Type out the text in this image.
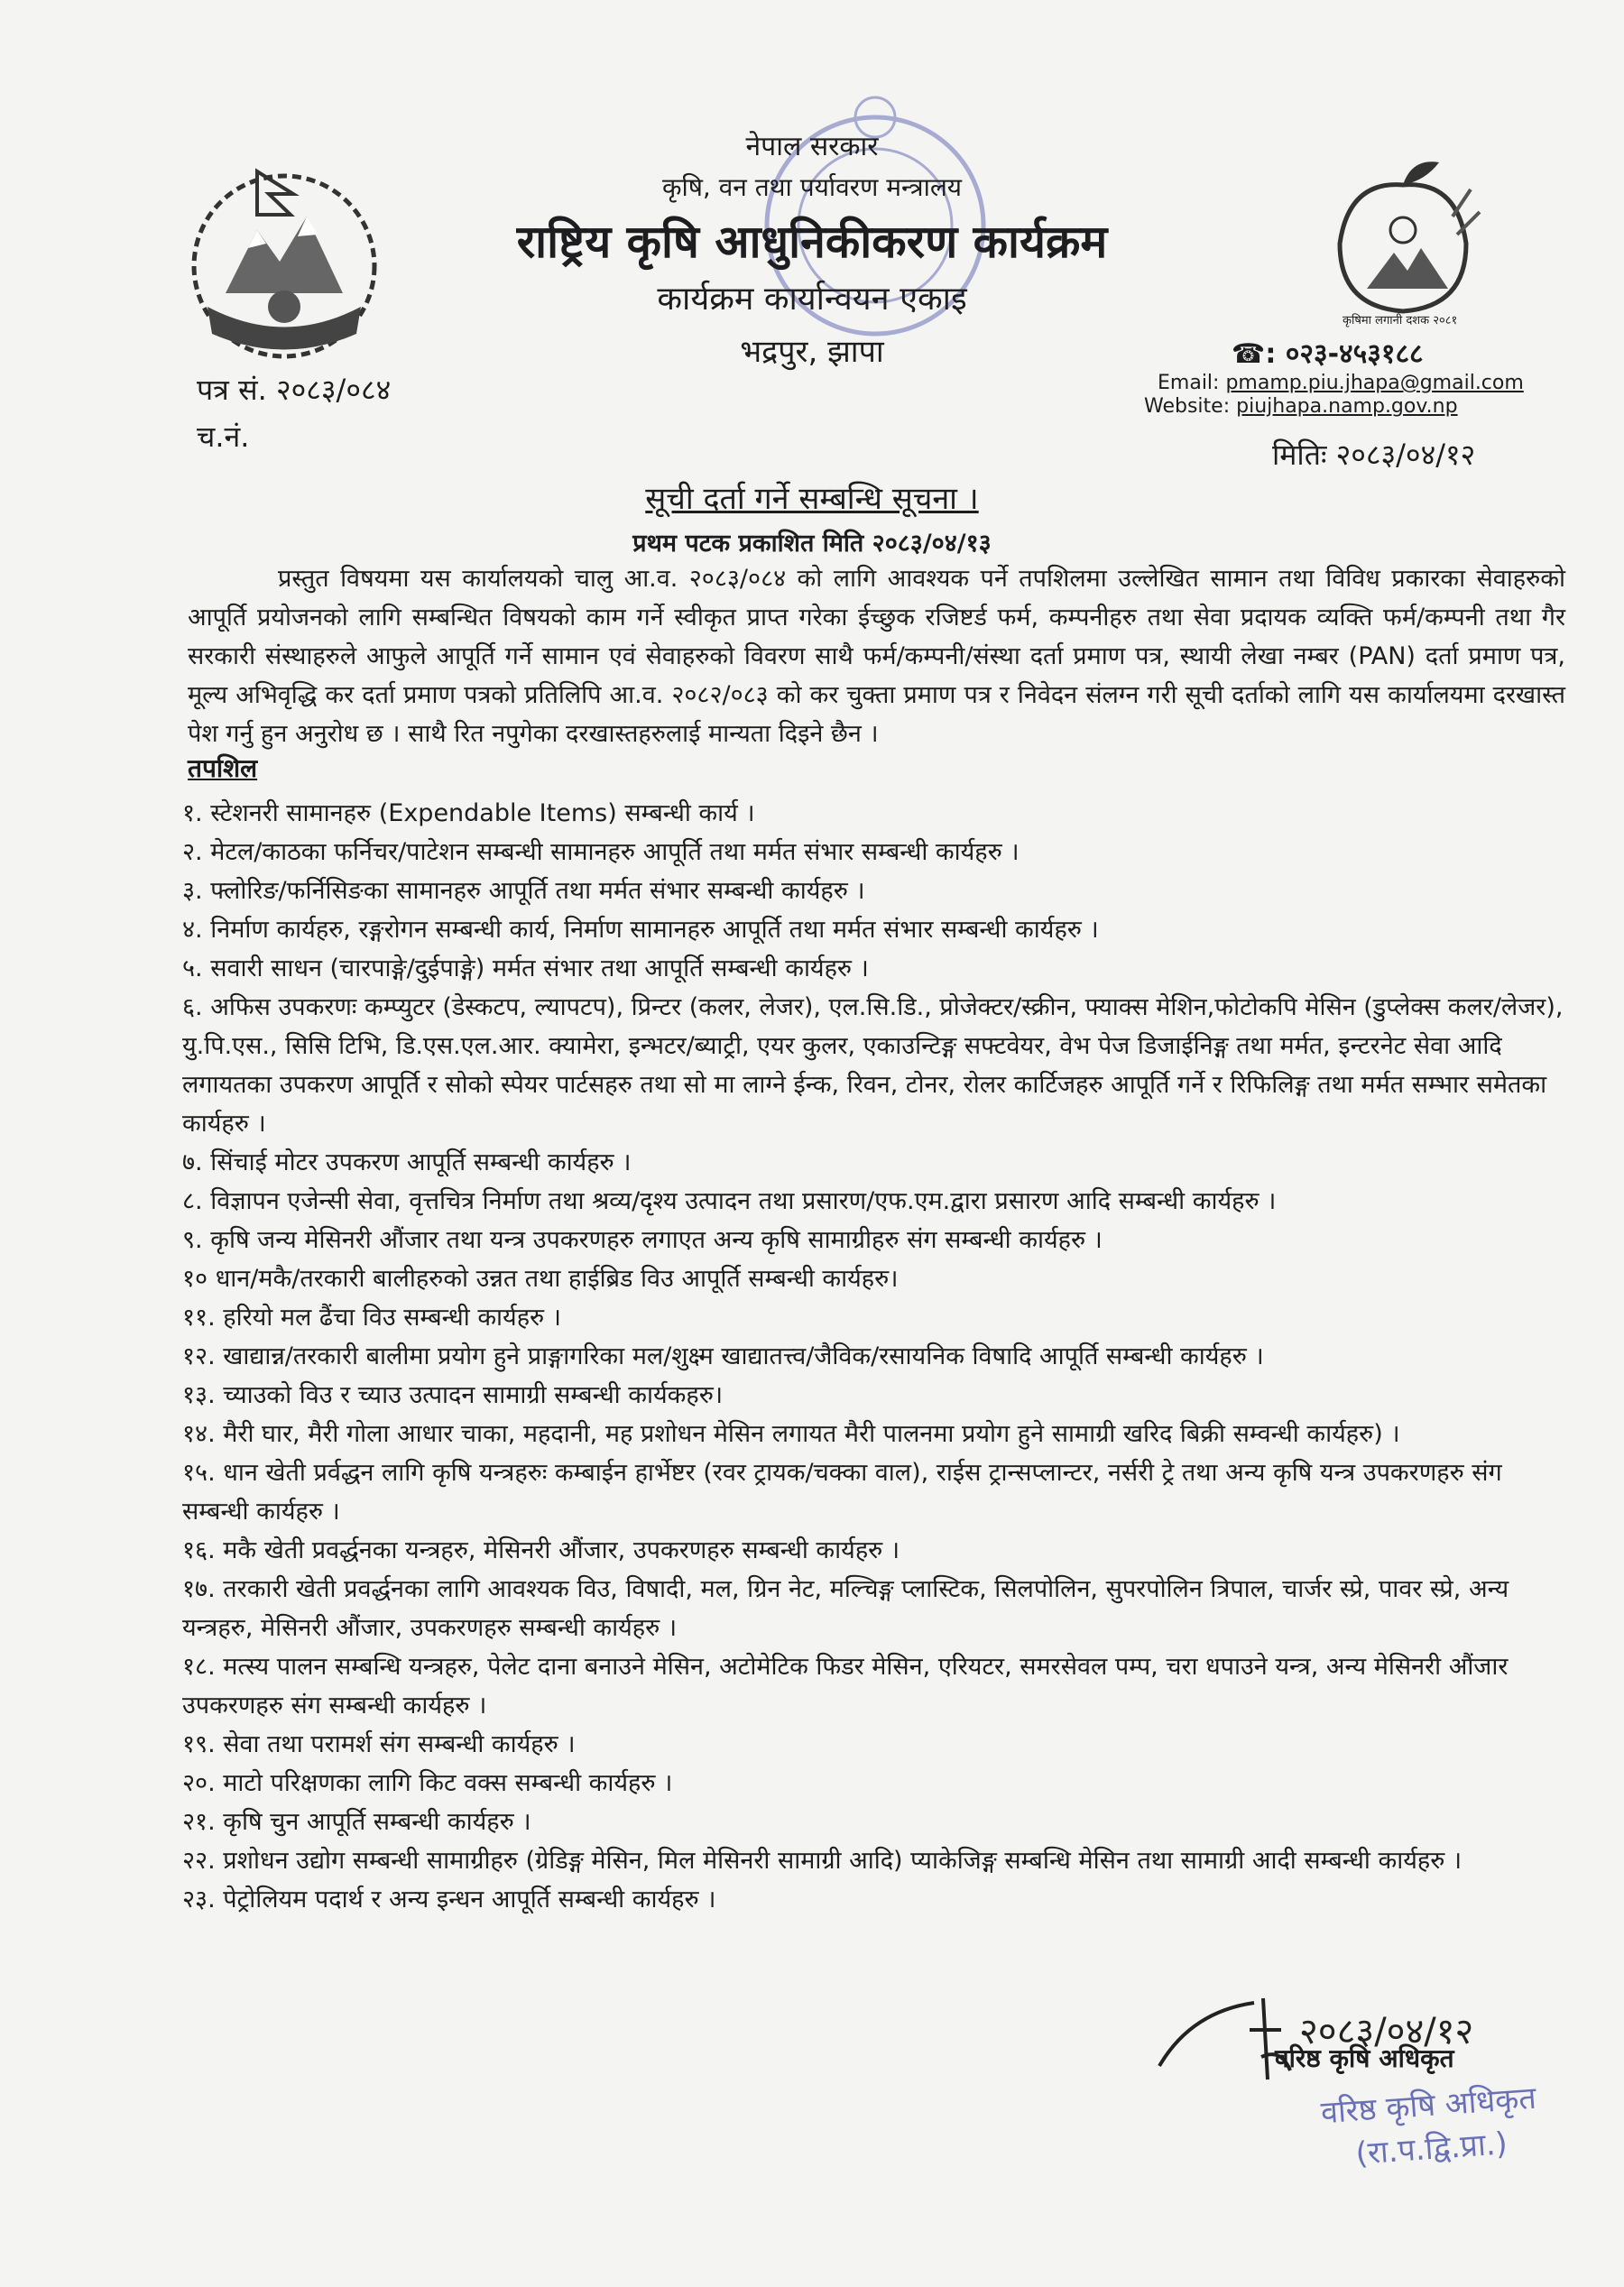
कृषिमा लगानी दशक २०८१
नेपाल सरकार
कृषि, वन तथा पर्यावरण मन्त्रालय
राष्ट्रिय कृषि आधुनिकीकरण कार्यक्रम
कार्यक्रम कार्यान्वयन एकाइ
भद्रपुर, झापा	☎: ०२३-४५३१८८
Email: pmamp.piu.jhapa@gmail.com
Website: piujhapa.namp.gov.np
पत्र सं. २०८३/०८४
च.नं.
मितिः २०८३/०४/१२
सूची दर्ता गर्ने सम्बन्धि सूचना ।
प्रथम पटक प्रकाशित मिति २०८३/०४/१३

प्रस्तुत विषयमा यस कार्यालयको चालु आ.व. २०८३/०८४ को लागि आवश्यक पर्ने तपशिलमा उल्लेखित सामान तथा विविध प्रकारका सेवाहरुको आपूर्ति प्रयोजनको लागि सम्बन्धित विषयको काम गर्ने स्वीकृत प्राप्त गरेका ईच्छुक रजिष्टर्ड फर्म, कम्पनीहरु तथा सेवा प्रदायक व्यक्ति फर्म/कम्पनी तथा गैर सरकारी संस्थाहरुले आफुले आपूर्ति गर्ने सामान एवं सेवाहरुको विवरण साथै फर्म/कम्पनी/संस्था दर्ता प्रमाण पत्र, स्थायी लेखा नम्बर (PAN) दर्ता प्रमाण पत्र, मूल्य अभिवृद्धि कर दर्ता प्रमाण पत्रको प्रतिलिपि आ.व. २०८२/०८३ को कर चुक्ता प्रमाण पत्र र निवेदन संलग्न गरी सूची दर्ताको लागि यस कार्यालयमा दरखास्त पेश गर्नु हुन अनुरोध छ । साथै रित नपुगेका दरखास्तहरुलाई मान्यता दिइने छैन ।

तपशिल
१. स्टेशनरी सामानहरु (Expendable Items) सम्बन्धी कार्य ।
२. मेटल/काठका फर्निचर/पाटेशन सम्बन्धी सामानहरु आपूर्ति तथा मर्मत संभार सम्बन्धी कार्यहरु ।
३. फ्लोरिङ/फर्निसिङका सामानहरु आपूर्ति तथा मर्मत संभार सम्बन्धी कार्यहरु ।
४. निर्माण कार्यहरु, रङ्गरोगन सम्बन्धी कार्य, निर्माण सामानहरु आपूर्ति तथा मर्मत संभार सम्बन्धी कार्यहरु ।
५. सवारी साधन (चारपाङ्गे/दुईपाङ्गे) मर्मत संभार तथा आपूर्ति सम्बन्धी कार्यहरु ।
६. अफिस उपकरणः कम्प्युटर (डेस्कटप, ल्यापटप), प्रिन्टर (कलर, लेजर), एल.सि.डि., प्रोजेक्टर/स्क्रीन, फ्याक्स मेशिन,फोटोकपि मेसिन (डुप्लेक्स कलर/लेजर), यु.पि.एस., सिसि टिभि, डि.एस.एल.आर. क्यामेरा, इन्भटर/ब्याट्री, एयर कुलर, एकाउन्टिङ्ग सफ्टवेयर, वेभ पेज डिजाईनिङ्ग तथा मर्मत, इन्टरनेट सेवा आदि लगायतका उपकरण आपूर्ति र सोको स्पेयर पार्टसहरु तथा सो मा लाग्ने ईन्क, रिवन, टोनर, रोलर कार्टिजहरु आपूर्ति गर्ने र रिफिलिङ्ग तथा मर्मत सम्भार समेतका कार्यहरु ।
७. सिंचाई मोटर उपकरण आपूर्ति सम्बन्धी कार्यहरु ।
८. विज्ञापन एजेन्सी सेवा, वृत्तचित्र निर्माण तथा श्रव्य/दृश्य उत्पादन तथा प्रसारण/एफ.एम.द्वारा प्रसारण आदि सम्बन्धी कार्यहरु ।
९. कृषि जन्य मेसिनरी औंजार तथा यन्त्र उपकरणहरु लगाएत अन्य कृषि सामाग्रीहरु संग सम्बन्धी कार्यहरु ।
१० धान/मकै/तरकारी बालीहरुको उन्नत तथा हाईब्रिड विउ आपूर्ति सम्बन्धी कार्यहरु।
११. हरियो मल ढैंचा विउ सम्बन्धी कार्यहरु ।
१२. खाद्यान्न/तरकारी बालीमा प्रयोग हुने प्राङ्गागरिका मल/शुक्ष्म खाद्यातत्त्व/जैविक/रसायनिक विषादि आपूर्ति सम्बन्धी कार्यहरु ।
१३. च्याउको विउ र च्याउ उत्पादन सामाग्री सम्बन्धी कार्यकहरु।
१४. मैरी घार, मैरी गोला आधार चाका, महदानी, मह प्रशोधन मेसिन लगायत मैरी पालनमा प्रयोग हुने सामाग्री खरिद बिक्री सम्वन्धी कार्यहरु) ।
१५. धान खेती प्रर्वद्धन लागि कृषि यन्त्रहरुः कम्बाईन हार्भेष्टर (रवर ट्रायक/चक्का वाल), राईस ट्रान्सप्लान्टर, नर्सरी ट्रे तथा अन्य कृषि यन्त्र उपकरणहरु संग सम्बन्धी कार्यहरु ।
१६. मकै खेती प्रवर्द्धनका यन्त्रहरु, मेसिनरी औंजार, उपकरणहरु सम्बन्धी कार्यहरु ।
१७. तरकारी खेती प्रवर्द्धनका लागि आवश्यक विउ, विषादी, मल, ग्रिन नेट, मल्चिङ्ग प्लास्टिक, सिलपोलिन, सुपरपोलिन त्रिपाल, चार्जर स्प्रे, पावर स्प्रे, अन्य यन्त्रहरु, मेसिनरी औंजार, उपकरणहरु सम्बन्धी कार्यहरु ।
१८. मत्स्य पालन सम्बन्धि यन्त्रहरु, पेलेट दाना बनाउने मेसिन, अटोमेटिक फिडर मेसिन, एरियटर, समरसेवल पम्प, चरा धपाउने यन्त्र, अन्य मेसिनरी औंजार उपकरणहरु संग सम्बन्धी कार्यहरु ।
१९. सेवा तथा परामर्श संग सम्बन्धी कार्यहरु ।
२०. माटो परिक्षणका लागि किट वक्स सम्बन्धी कार्यहरु ।
२१. कृषि चुन आपूर्ति सम्बन्धी कार्यहरु ।
२२. प्रशोधन उद्योग सम्बन्धी सामाग्रीहरु (ग्रेडिङ्ग मेसिन, मिल मेसिनरी सामाग्री आदि) प्याकेजिङ्ग सम्बन्धि मेसिन तथा सामाग्री आदी सम्बन्धी कार्यहरु ।
२३. पेट्रोलियम पदार्थ र अन्य इन्धन आपूर्ति सम्बन्धी कार्यहरु ।
२०८३/०४/१२
वरिष्ठ कृषि अधिकृत
वरिष्ठ कृषि अधिकृत
(रा.प.द्वि.प्रा.)
